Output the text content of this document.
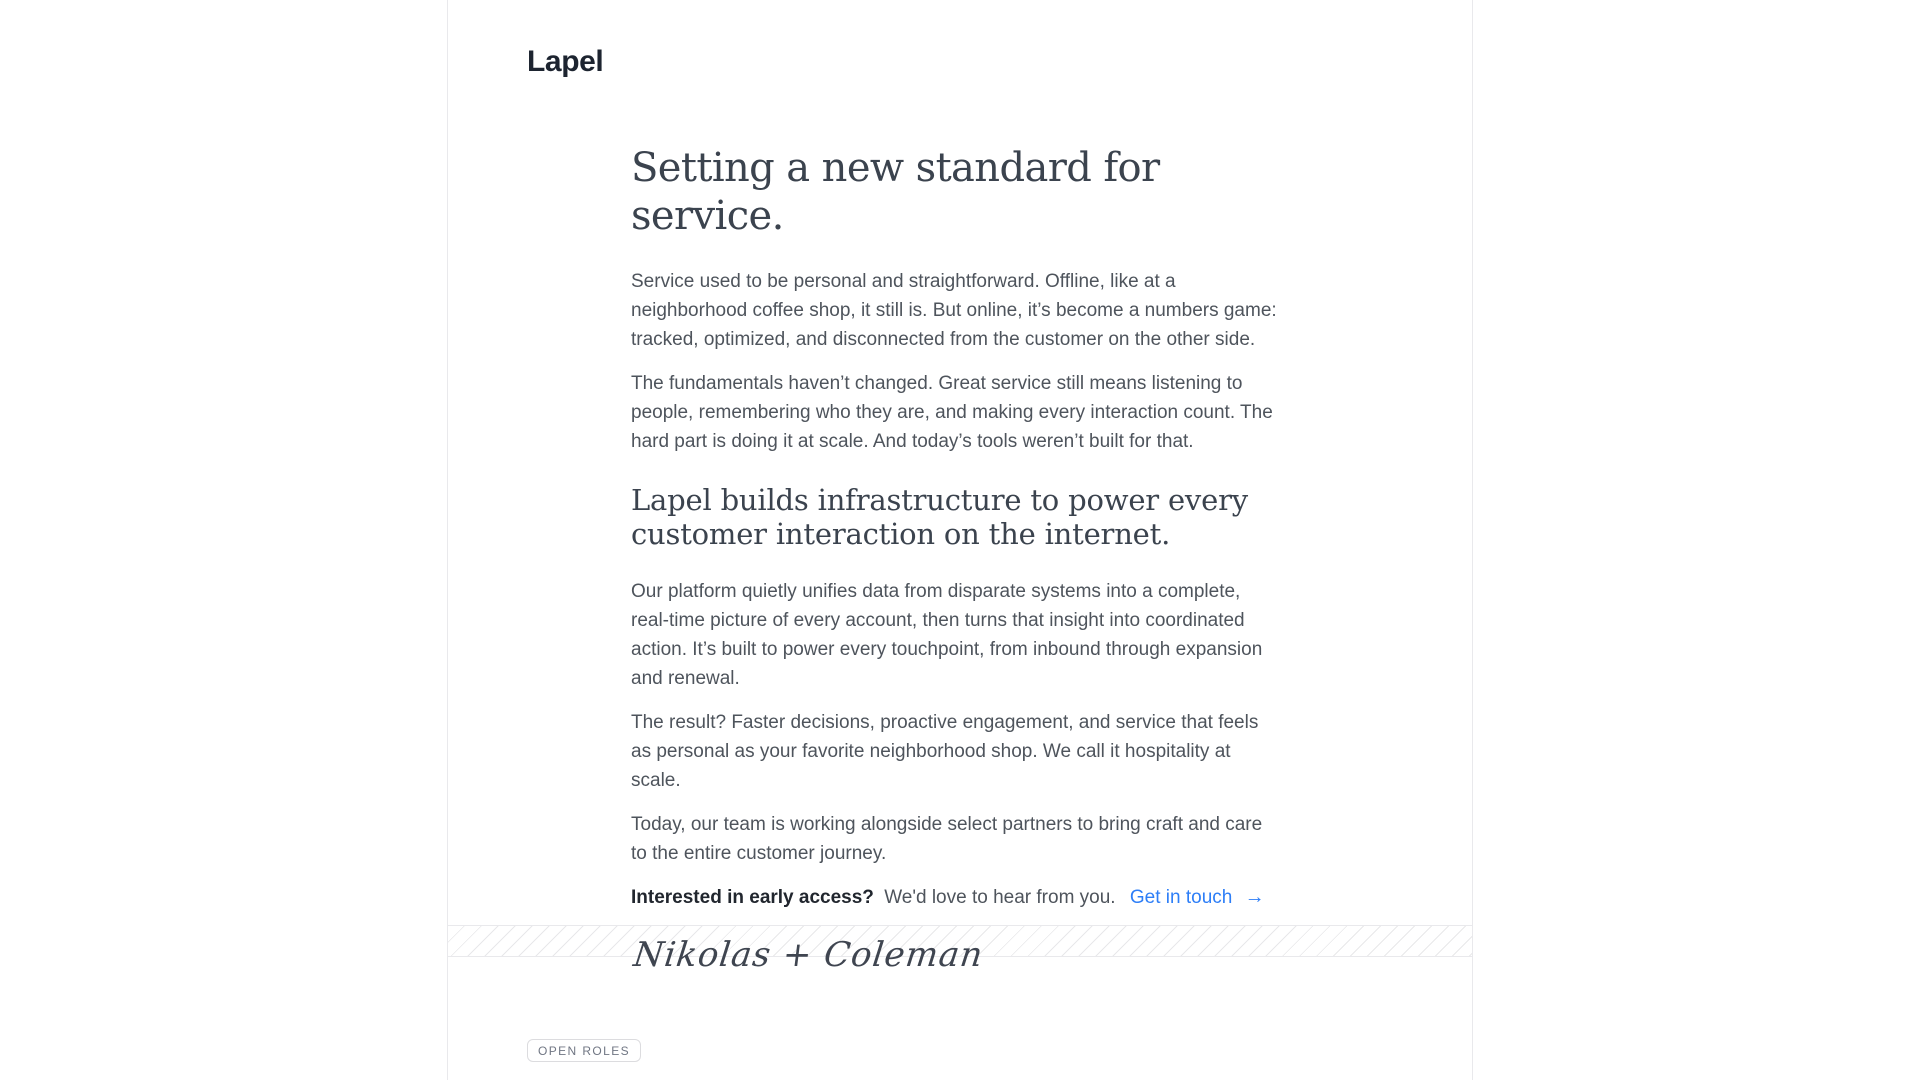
Lapel
Setting a new standard for service.

Service used to be personal and straightforward. Offline, like at a neighborhood coffee shop, it still is. But online, it’s become a numbers game: tracked, optimized, and disconnected from the customer on the other side.

The fundamentals haven’t changed. Great service still means listening to people, remembering who they are, and making every interaction count. The hard part is doing it at scale. And today’s tools weren’t built for that.

Lapel builds infrastructure to power every customer interaction on the internet.

Our platform quietly unifies data from disparate systems into a complete, real-time picture of every account, then turns that insight into coordinated action. It’s built to power every touchpoint, from inbound through expansion and renewal.

The result? Faster decisions, proactive engagement, and service that feels as personal as your favorite neighborhood shop. We call it hospitality at scale.

Today, our team is working alongside select partners to bring craft and care to the entire customer journey.

Interested in early access? We'd love to hear from you. Get in touch →

Nikolas + Coleman
OPEN ROLES
